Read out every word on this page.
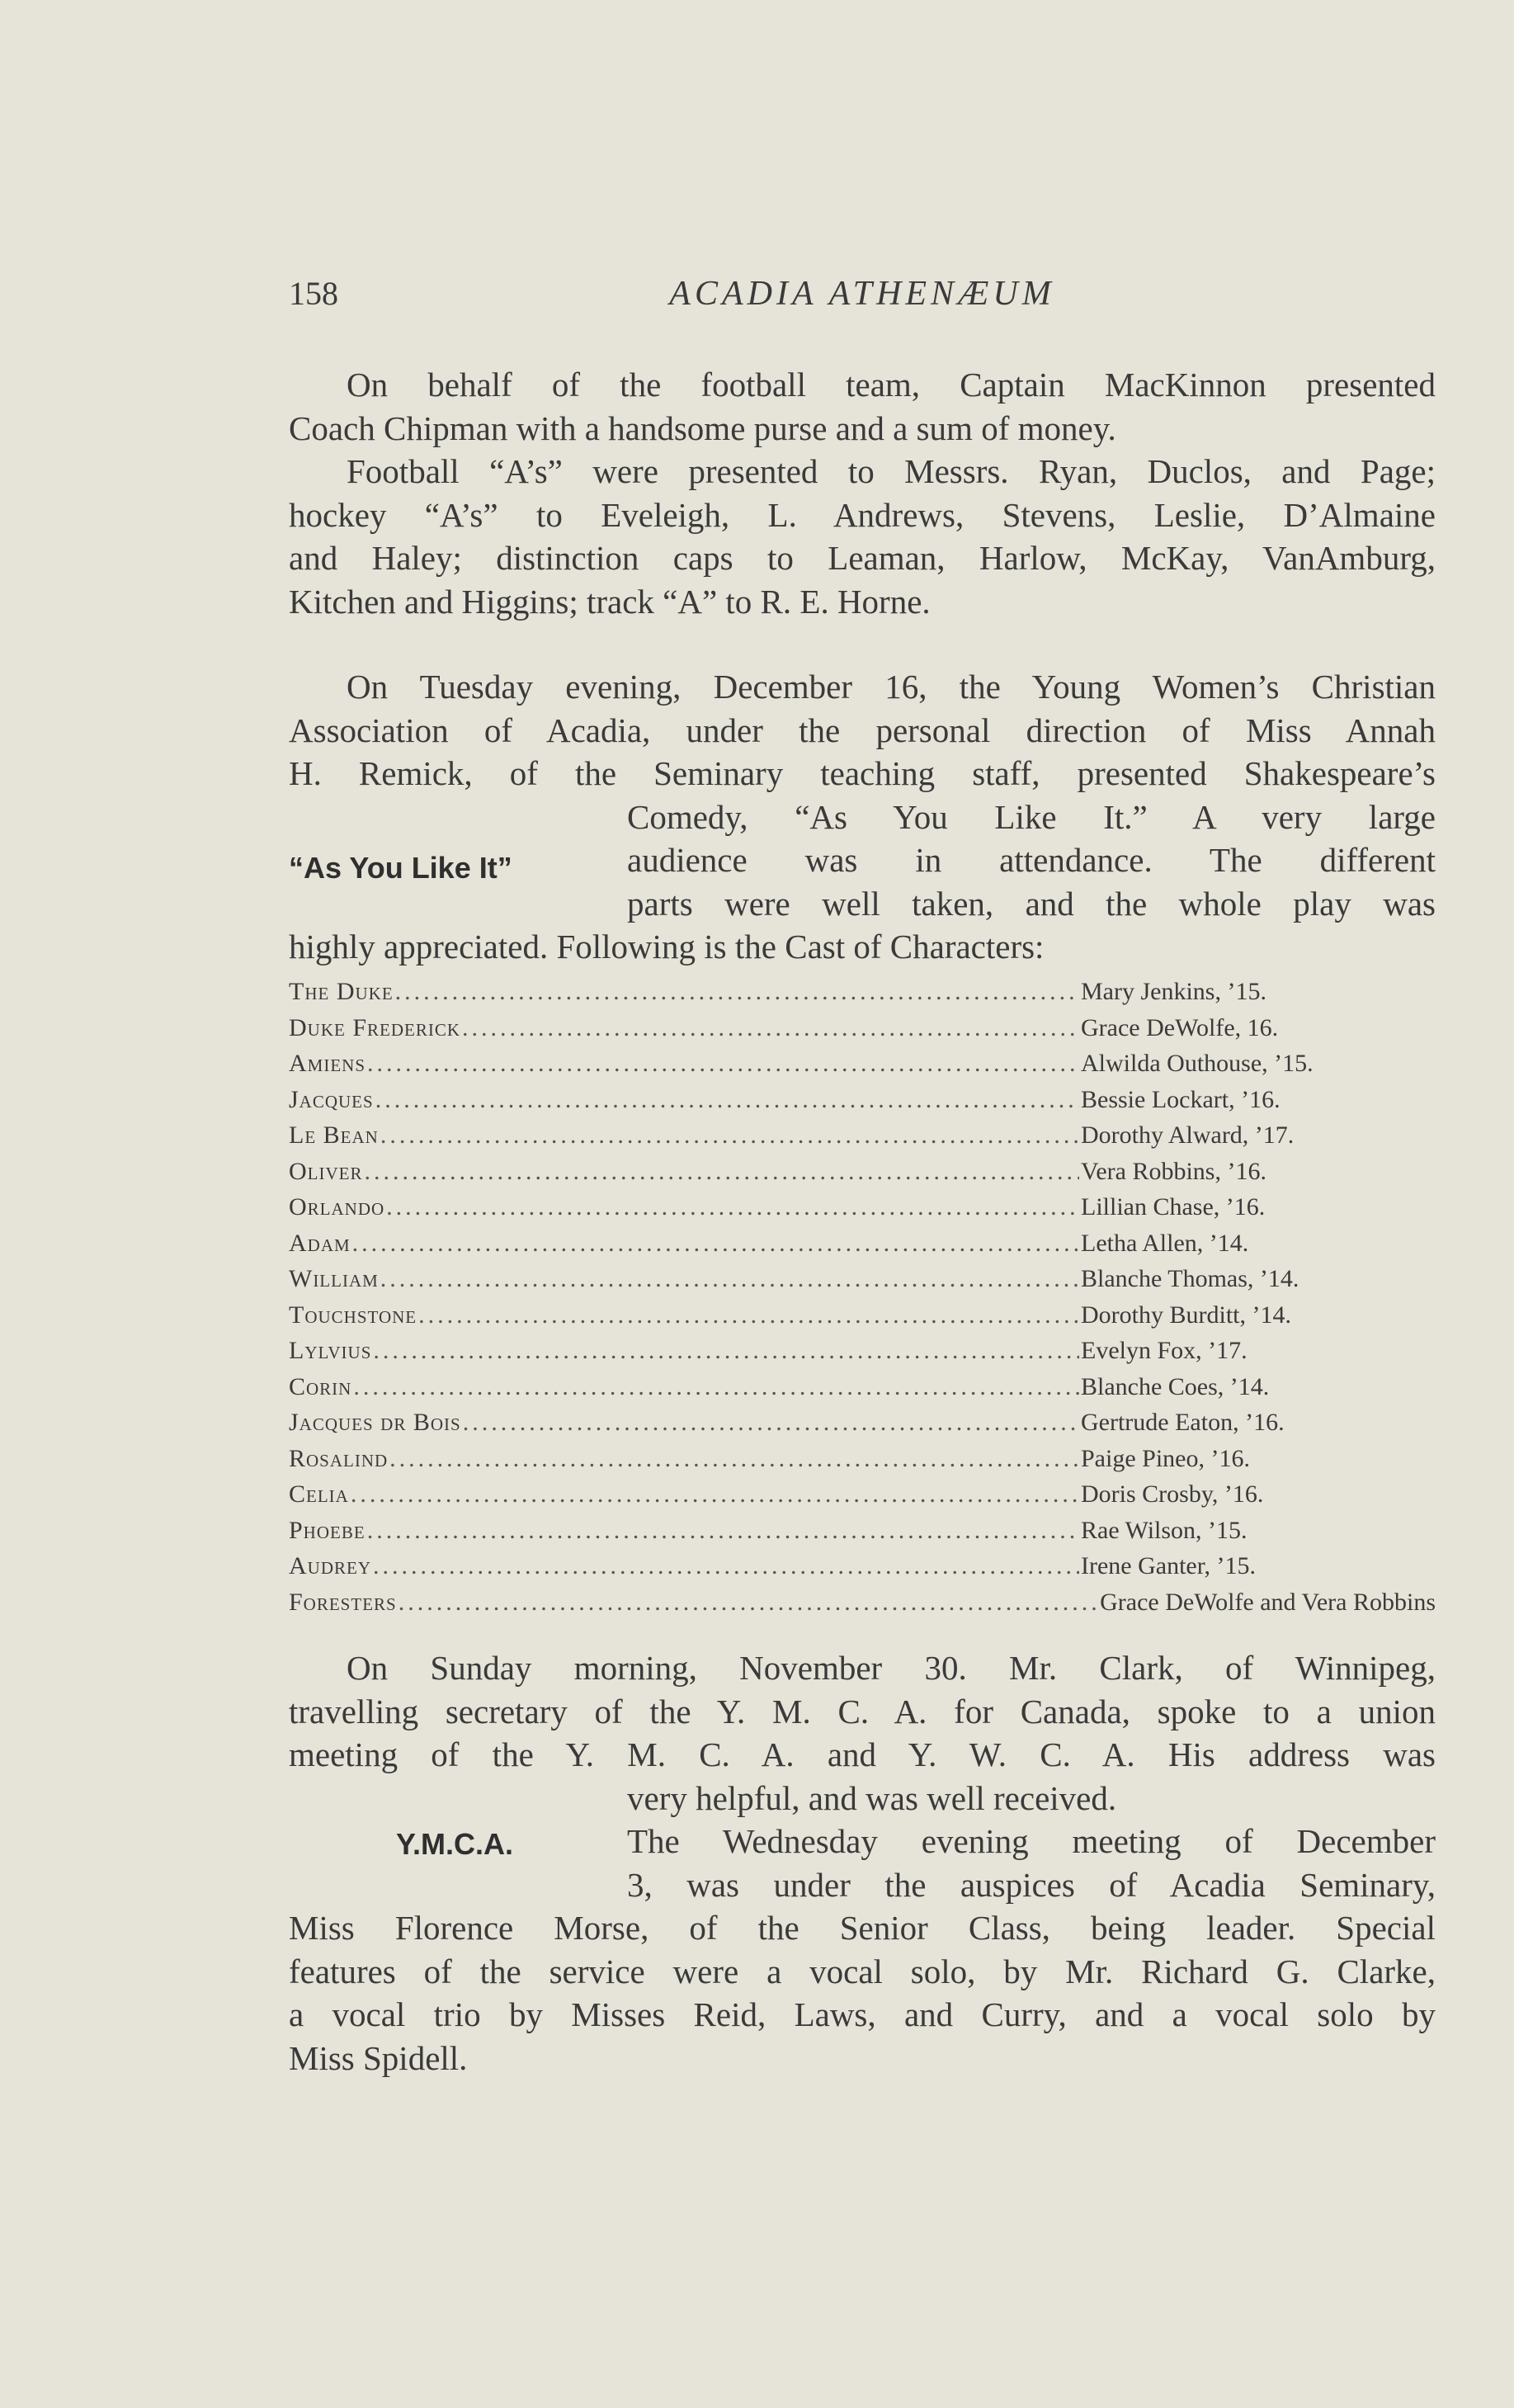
158	ACADIA ATHENÆUM
On behalf of the football team, Captain MacKinnon presented
Coach Chipman with a handsome purse and a sum of money.
Football “A’s” were presented to Messrs. Ryan, Duclos, and Page;
hockey “A’s” to Eveleigh, L. Andrews, Stevens, Leslie, D’Almaine
and Haley; distinction caps to Leaman, Harlow, McKay, VanAmburg,
Kitchen and Higgins; track “A” to R. E. Horne.
On Tuesday evening, December 16, the Young Women’s Christian
Association of Acadia, under the personal direction of Miss Annah
H. Remick, of the Seminary teaching staff, presented Shakespeare’s
“As You Like It”
Comedy, “As You Like It.” A very large
audience was in attendance. The different
parts were well taken, and the whole play was
highly appreciated. Following is the Cast of Characters:
The Duke .....	Mary Jenkins, ’15.
Duke Frederick .....	Grace DeWolfe, 16.
Amiens .....	Alwilda Outhouse, ’15.
Jacques .....	Bessie Lockart, ’16.
Le Bean .....	Dorothy Alward, ’17.
Oliver .....	Vera Robbins, ’16.
Orlando .....	Lillian Chase, ’16.
Adam .....	Letha Allen, ’14.
William .....	Blanche Thomas, ’14.
Touchstone .....	Dorothy Burditt, ’14.
Lylvius .....	Evelyn Fox, ’17.
Corin .....	Blanche Coes, ’14.
Jacques dr Bois .....	Gertrude Eaton, ’16.
Rosalind .....	Paige Pineo, ’16.
Celia .....	Doris Crosby, ’16.
Phoebe .....	Rae Wilson, ’15.
Audrey .....	Irene Ganter, ’15.
Foresters .....	Grace DeWolfe and Vera Robbins
On Sunday morning, November 30. Mr. Clark, of Winnipeg,
travelling secretary of the Y. M. C. A. for Canada, spoke to a union
meeting of the Y. M. C. A. and Y. W. C. A. His address was
Y.M.C.A.
very helpful, and was well received.
The Wednesday evening meeting of December
3, was under the auspices of Acadia Seminary,
Miss Florence Morse, of the Senior Class, being leader. Special
features of the service were a vocal solo, by Mr. Richard G. Clarke,
a vocal trio by Misses Reid, Laws, and Curry, and a vocal solo by
Miss Spidell.
